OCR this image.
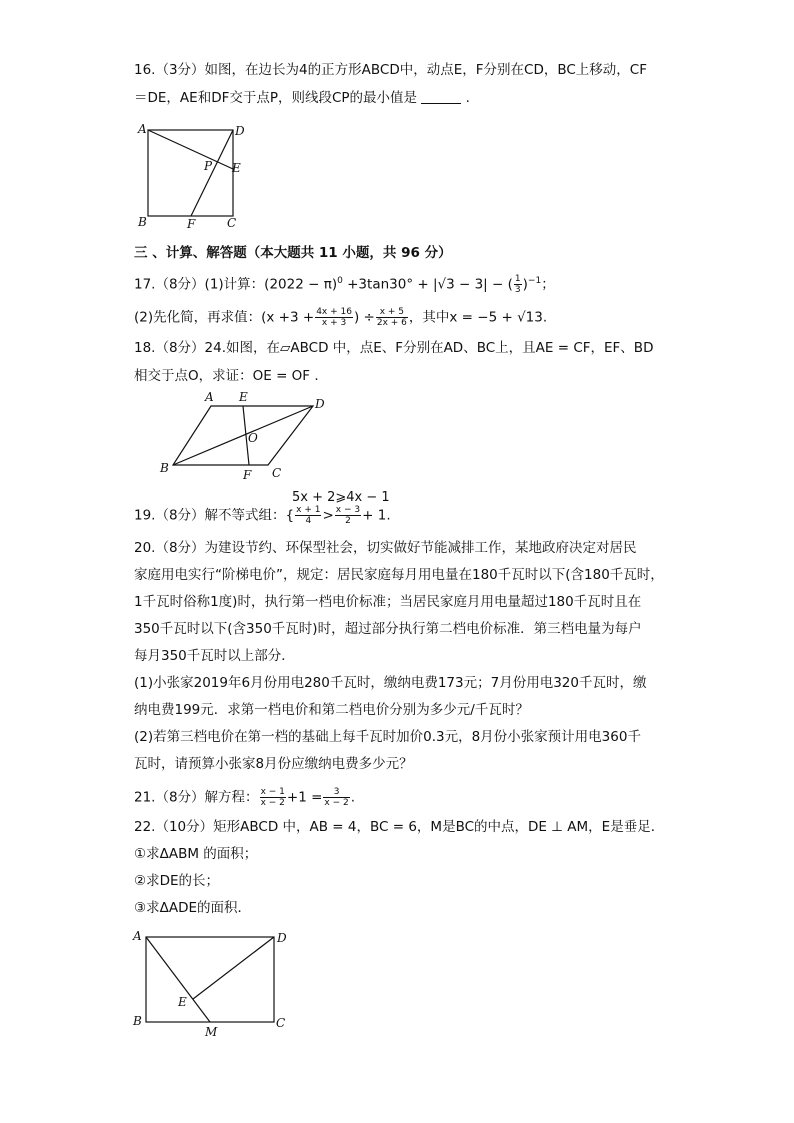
16.（3分）如图，在边长为4的正方形ABCD中，动点E，F分别在CD，BC上移动，CF
＝DE，AE和DF交于点P，则线段CP的最小值是	.
A	D
E
P
B	F	C
三 、计算、解答题（本大题共 11 小题，共 96 分）
17.（8分）(1)计算：$(2022 - \pi)^0 +3\tan 30^\circ + |√3 - 3|$ − ( $\frac{1}{3} )^{-1}$；
(2)先化简，再求值：($x +3 + \frac{4x + 16}{x + 3}$ ) ÷ $\frac{x + 5}{2x + 6}$ ，其中x = −5 + √13.
18.（8分）24.如图，在▱ABCD 中，点E、F分别在AD、BC上，且AE = CF，EF、BD
相交于点O，求证：OE = OF .
A E	D
O
B	F C
5x + 2⩾4x − 1
19.（8分）解不等式组：{ $\frac{x + 1}{4} > \frac{x - 3}{2} + 1$.
20.（8分）为建设节约、环保型社会，切实做好节能减排工作，某地政府决定对居民
家庭用电实行“阶梯电价”，规定：居民家庭每月用电量在180千瓦时以下(含180千瓦时，
1千瓦时俗称1度)时，执行第一档电价标准；当居民家庭月用电量超过180千瓦时且在
350千瓦时以下(含350千瓦时)时，超过部分执行第二档电价标准．第三档电量为每户
每月350千瓦时以上部分．
(1)小张家2019年6月份用电280千瓦时，缴纳电费173元；7月份用电320千瓦时，缴
纳电费199元．求第一档电价和第二档电价分别为多少元/千瓦时？
(2)若第三档电价在第一档的基础上每千瓦时加价0.3元，8月份小张家预计用电360千
瓦时，请预算小张家8月份应缴纳电费多少元？
21.（8分）解方程： $\frac{x - 1}{x - 2} +1 = \frac{3}{x - 2}$ .
22.（10分）矩形ABCD 中，AB = 4，BC = 6，M是BC的中点，DE ⊥ AM，E是垂足．
①求ΔABM 的面积；
②求DE的长；
③求ΔADE的面积．
A	D
E
B
M
C
